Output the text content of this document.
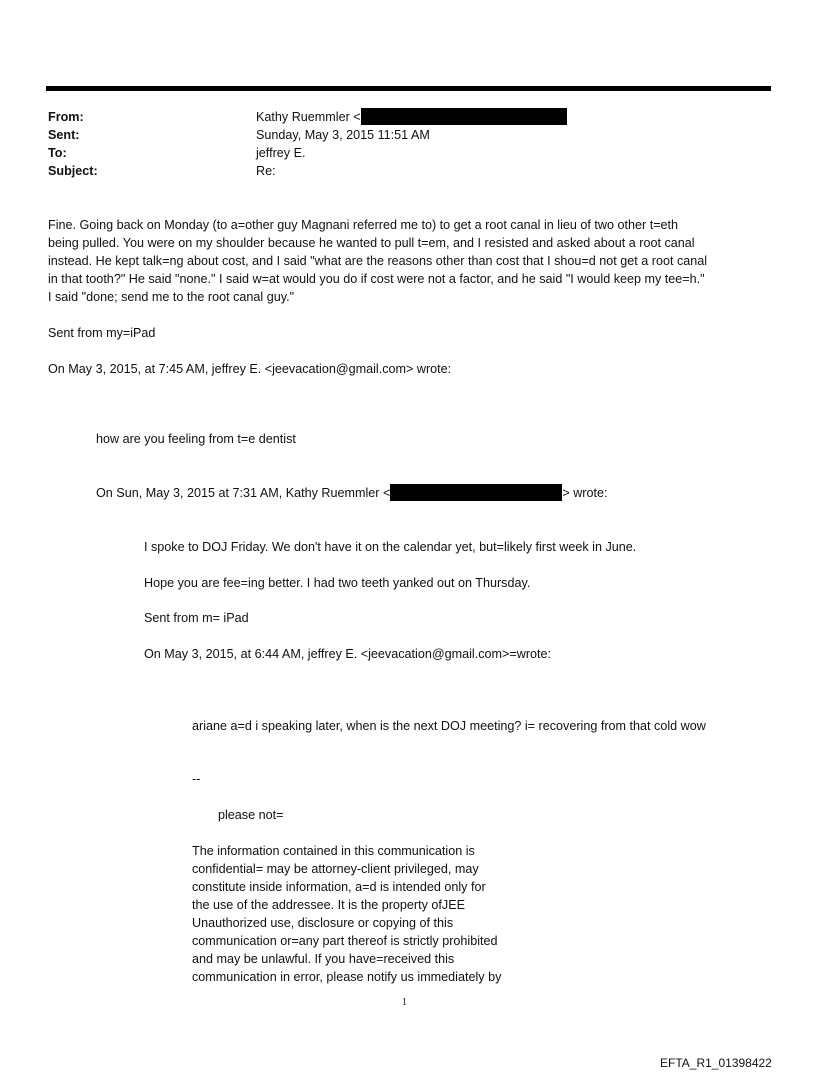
From:	Kathy Ruemmler <
Sent:	Sunday, May 3, 2015 11:51 AM
To:	jeffrey E.
Subject:	Re:
Fine. Going back on Monday (to a=other guy Magnani referred me to) to get a root canal in lieu of two other t=eth
being pulled. You were on my shoulder because he wanted to pull t=em, and I resisted and asked about a root canal
instead. He kept talk=ng about cost, and I said "what are the reasons other than cost that I shou=d not get a root canal
in that tooth?" He said "none." I said w=at would you do if cost were not a factor, and he said "I would keep my tee=h."
I said "done; send me to the root canal guy."
Sent from my=iPad
On May 3, 2015, at 7:45 AM, jeffrey E. <jeevacation@gmail.com> wrote:
how are you feeling from t=e dentist
On Sun, May 3, 2015 at 7:31 AM, Kathy Ruemmler <	> wrote:
I spoke to DOJ Friday. We don't have it on the calendar yet, but=likely first week in June.
Hope you are fee=ing better. I had two teeth yanked out on Thursday.
Sent from m= iPad
On May 3, 2015, at 6:44 AM, jeffrey E. <jeevacation@gmail.com>=wrote:
ariane a=d i speaking later, when is the next DOJ meeting? i= recovering from that cold wow
--
please not=
The information contained in this communication is
confidential= may be attorney-client privileged, may
constitute inside information, a=d is intended only for
the use of the addressee. It is the property ofJEE
Unauthorized use, disclosure or copying of this
communication or=any part thereof is strictly prohibited
and may be unlawful. If you have=received this
communication in error, please notify us immediately by
1
EFTA_R1_01398422
